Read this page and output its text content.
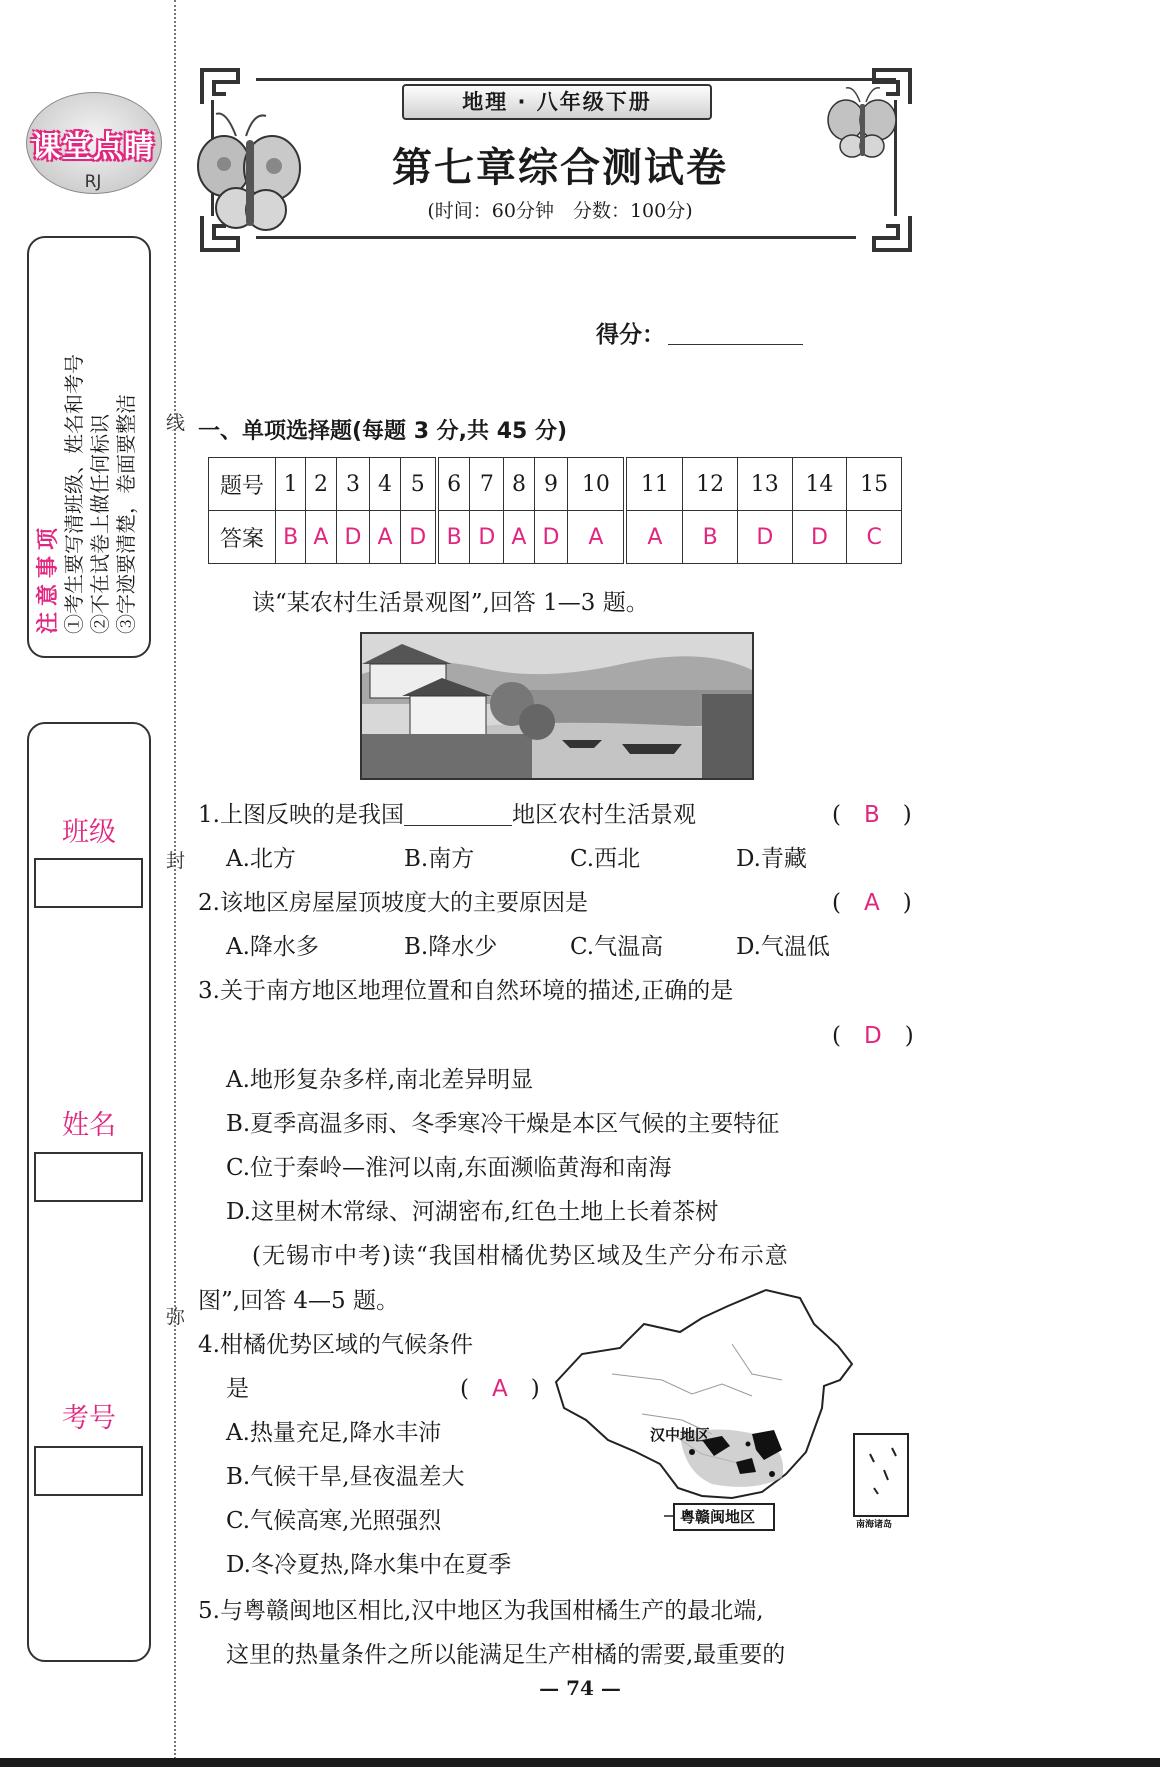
课堂点睛
RJ
注意事项 ①考生要写清班级、姓名和考号 ②不在试卷上做任何标识 ③字迹要清楚，卷面要整洁
班级
姓名
考号
线
封
弥
地理 · 八年级下册
第七章综合测试卷
(时间：60分钟　分数：100分)
得分：
一、单项选择题(每题 3 分,共 45 分)
题号	1	2	3	4	5	6	7	8	9	10	11	12	13	14	15
答案	B	A	D	A	D	B	D	A	D	A	A	B	D	D	C
读“某农村生活景观图”,回答 1—3 题。
1.上图反映的是我国	地区农村生活景观	(　B　)
A.北方	B.南方	C.西北	D.青藏
2.该地区房屋屋顶坡度大的主要原因是	(　A　)
A.降水多	B.降水少	C.气温高	D.气温低
3.关于南方地区地理位置和自然环境的描述,正确的是
(　D　)
A.地形复杂多样,南北差异明显
B.夏季高温多雨、冬季寒冷干燥是本区气候的主要特征
C.位于秦岭—淮河以南,东面濒临黄海和南海
D.这里树木常绿、河湖密布,红色土地上长着茶树
(无锡市中考)读“我国柑橘优势区域及生产分布示意
图”,回答 4—5 题。
4.柑橘优势区域的气候条件
是	(　A　)
A.热量充足,降水丰沛
B.气候干旱,昼夜温差大
C.气候高寒,光照强烈
D.冬冷夏热,降水集中在夏季
汉中地区
粤赣闽地区	南海诸岛
5.与粤赣闽地区相比,汉中地区为我国柑橘生产的最北端,
这里的热量条件之所以能满足生产柑橘的需要,最重要的
— 74 —
